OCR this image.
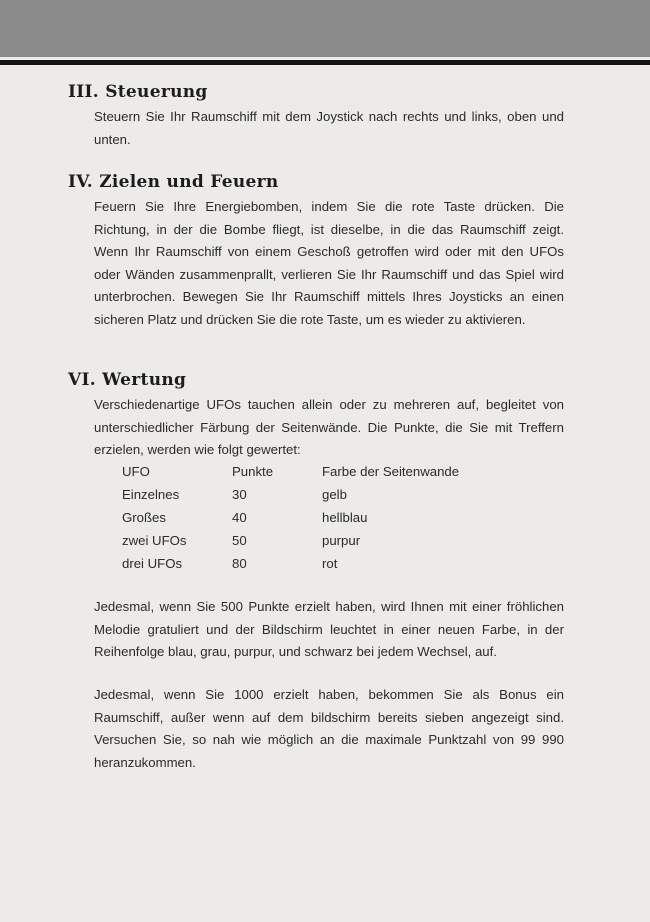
III. Steuerung

Steuern Sie Ihr Raumschiff mit dem Joystick nach rechts und links, oben und unten.

IV. Zielen und Feuern

Feuern Sie Ihre Energiebomben, indem Sie die rote Taste drücken. Die Richtung, in der die Bombe fliegt, ist dieselbe, in die das Raumschiff zeigt. Wenn Ihr Raumschiff von einem Geschoß getroffen wird oder mit den UFOs oder Wänden zusammenprallt, verlieren Sie Ihr Raumschiff und das Spiel wird unterbrochen. Bewegen Sie Ihr Raumschiff mittels Ihres Joysticks an einen sicheren Platz und drücken Sie die rote Taste, um es wieder zu aktivieren.

VI. Wertung

Verschiedenartige UFOs tauchen allein oder zu mehreren auf, begleitet von unterschiedlicher Färbung der Seitenwände. Die Punkte, die Sie mit Treffern erzielen, werden wie folgt gewertet:

UFO	Punkte	Farbe der Seitenwande
Einzelnes	30	gelb
Großes	40	hellblau
zwei UFOs	50	purpur
drei UFOs	80	rot

Jedesmal, wenn Sie 500 Punkte erzielt haben, wird Ihnen mit einer fröhlichen Melodie gratuliert und der Bildschirm leuchtet in einer neuen Farbe, in der Reihenfolge blau, grau, purpur, und schwarz bei jedem Wechsel, auf.

Jedesmal, wenn Sie 1000 erzielt haben, bekommen Sie als Bonus ein Raumschiff, außer wenn auf dem bildschirm bereits sieben angezeigt sind. Versuchen Sie, so nah wie möglich an die maximale Punktzahl von 99 990 heranzukommen.
